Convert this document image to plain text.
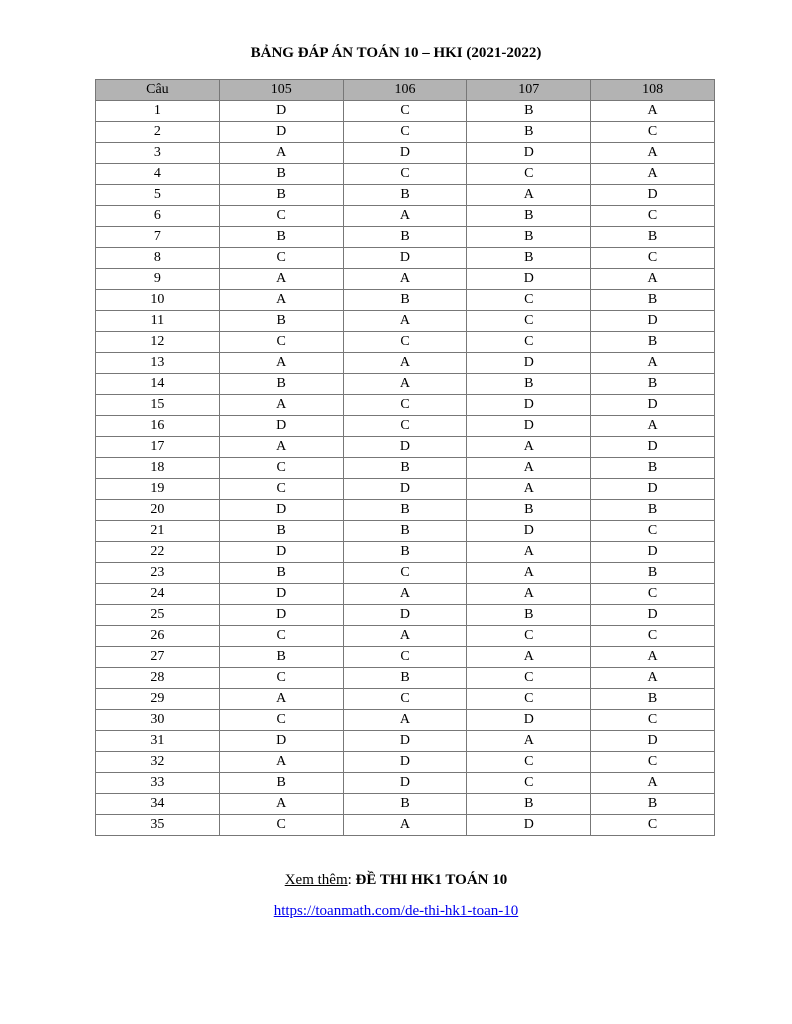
BẢNG ĐÁP ÁN TOÁN 10 – HKI (2021-2022)
Câu	105	106	107	108
1	D	C	B	A
2	D	C	B	C
3	A	D	D	A
4	B	C	C	A
5	B	B	A	D
6	C	A	B	C
7	B	B	B	B
8	C	D	B	C
9	A	A	D	A
10	A	B	C	B
11	B	A	C	D
12	C	C	C	B
13	A	A	D	A
14	B	A	B	B
15	A	C	D	D
16	D	C	D	A
17	A	D	A	D
18	C	B	A	B
19	C	D	A	D
20	D	B	B	B
21	B	B	D	C
22	D	B	A	D
23	B	C	A	B
24	D	A	A	C
25	D	D	B	D
26	C	A	C	C
27	B	C	A	A
28	C	B	C	A
29	A	C	C	B
30	C	A	D	C
31	D	D	A	D
32	A	D	C	C
33	B	D	C	A
34	A	B	B	B
35	C	A	D	C
Xem thêm: ĐỀ THI HK1 TOÁN 10
https://toanmath.com/de-thi-hk1-toan-10
